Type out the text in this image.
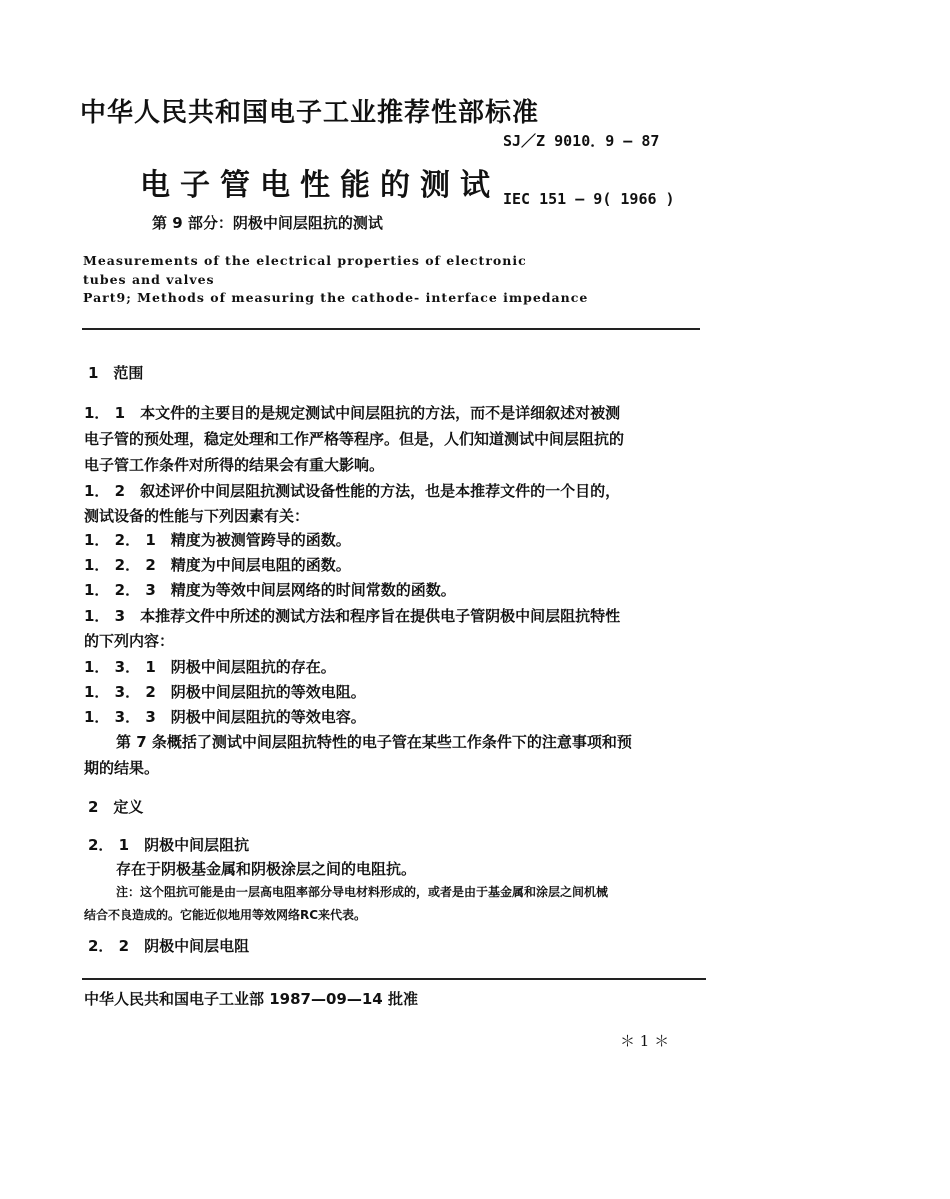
中华人民共和国电子工业推荐性部标准
SJ／Z 9010．9 — 87
电子管电性能的测试 IEC 151 — 9( 1966 )
第 9 部分：阴极中间层阻抗的测试
Measurements of the electrical properties of electronic
tubes and valves
Part9; Methods of measuring the cathode- interface impedance
1　范围
1． 1　本文件的主要目的是规定测试中间层阻抗的方法，而不是详细叙述对被测
电子管的预处理，稳定处理和工作严格等程序。但是，人们知道测试中间层阻抗的
电子管工作条件对所得的结果会有重大影响。
1． 2　叙述评价中间层阻抗测试设备性能的方法，也是本推荐文件的一个目的，
测试设备的性能与下列因素有关：
1． 2． 1　精度为被测管跨导的函数。
1． 2． 2　精度为中间层电阻的函数。
1． 2． 3　精度为等效中间层网络的时间常数的函数。
1． 3　本推荐文件中所述的测试方法和程序旨在提供电子管阴极中间层阻抗特性
的下列内容：
1． 3． 1　阴极中间层阻抗的存在。
1． 3． 2　阴极中间层阻抗的等效电阻。
1． 3． 3　阴极中间层阻抗的等效电容。
第 7 条概括了测试中间层阻抗特性的电子管在某些工作条件下的注意事项和预
期的结果。
2　定义
2． 1　阴极中间层阻抗
存在于阴极基金属和阴极涂层之间的电阻抗。
注：这个阻抗可能是由一层高电阻率部分导电材料形成的，或者是由于基金属和涂层之间机械
结合不良造成的。它能近似地用等效网络RC来代表。
2． 2　阴极中间层电阻
中华人民共和国电子工业部 1987—09—14 批准
＊ 1 ＊
